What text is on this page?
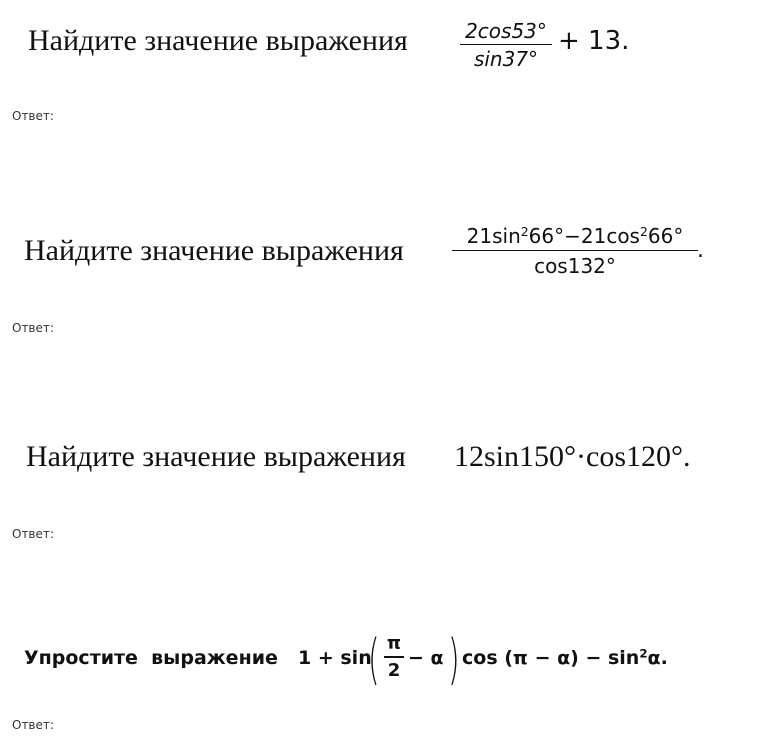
Найдите значение выражения	2cos53°
sin37°
+ 13.
Ответ:
Найдите значение выражения	$21\sin^266^\circ-21\cos^266^\circ$
cos132°
.
Ответ:
Найдите значение выражения 12sin150°·cos120°.
Ответ:
Упростите  выражение 1 + sin
( π
2
− α ) $\cos (\pi - \alpha) - \sin^2\alpha$.
Ответ:
